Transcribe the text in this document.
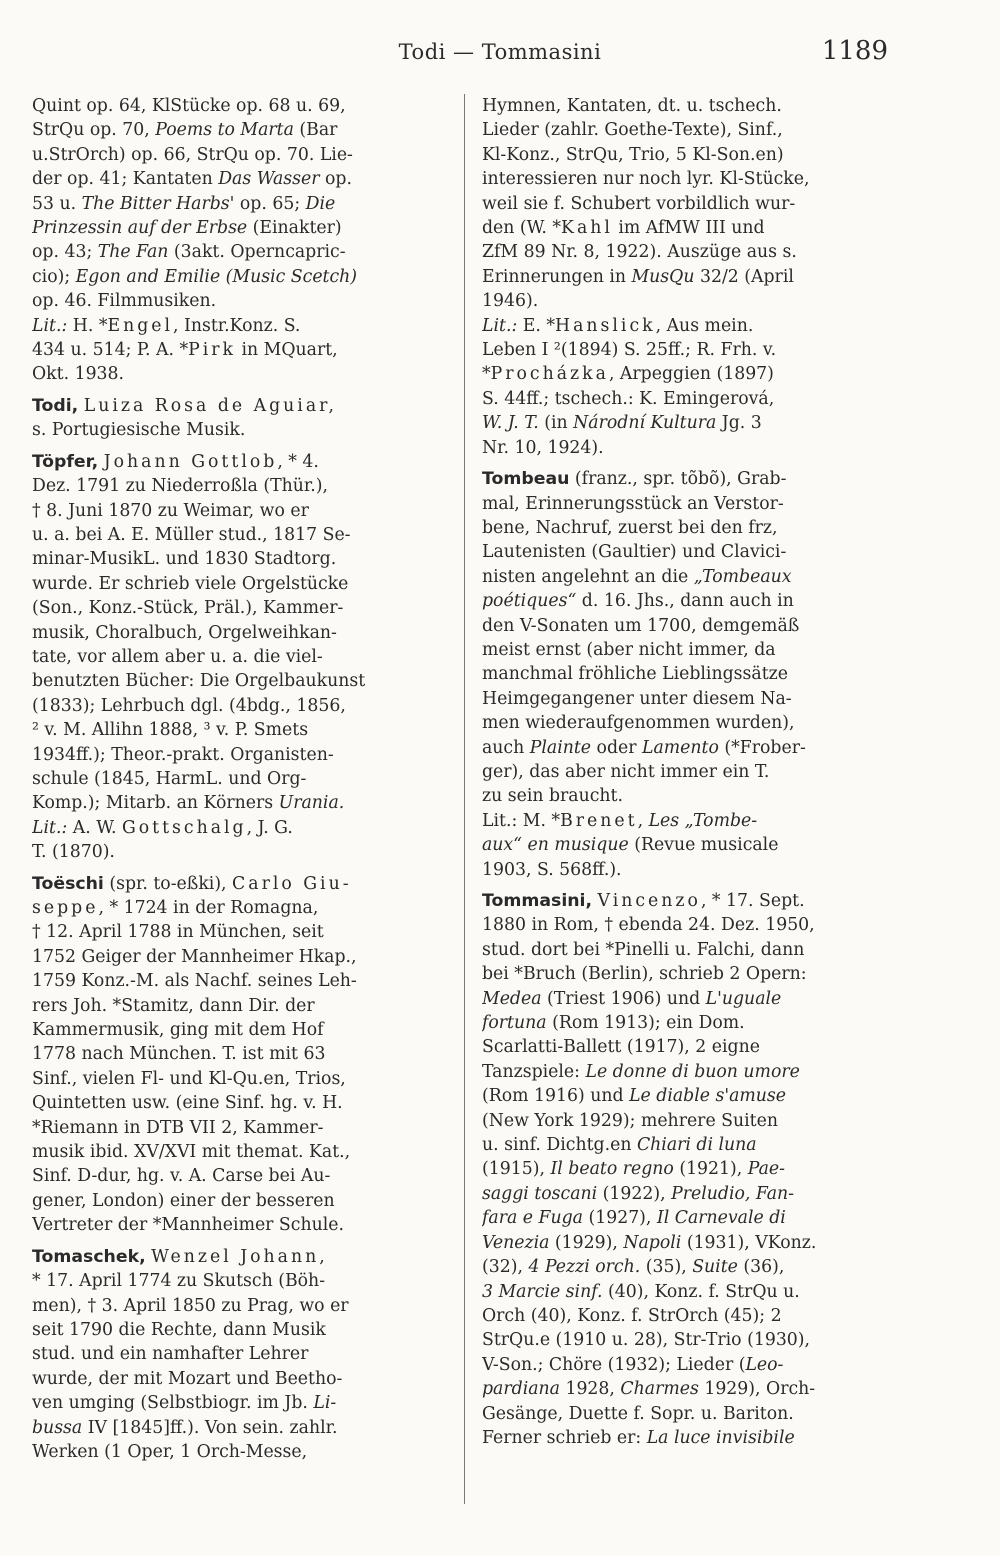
Todi — Tommasini	1189
Quint op. 64, KlStücke op. 68 u. 69,
StrQu op. 70, Poems to Marta (Bar
u.StrOrch) op. 66, StrQu op. 70. Lie-
der op. 41; Kantaten Das Wasser op.
53 u. The Bitter Harbs' op. 65; Die
Prinzessin auf der Erbse (Einakter)
op. 43; The Fan (3akt. Operncapric-
cio); Egon and Emilie (Music Scetch)
op. 46. Filmmusiken.
Lit.: H. *Engel, Instr.Konz. S.
434 u. 514; P. A. *Pirk in MQuart,
Okt. 1938.
Todi, Luiza Rosa de Aguiar,
s. Portugiesische Musik.
Töpfer, Johann Gottlob, * 4.
Dez. 1791 zu Niederroßla (Thür.),
† 8. Juni 1870 zu Weimar, wo er
u. a. bei A. E. Müller stud., 1817 Se-
minar-MusikL. und 1830 Stadtorg.
wurde. Er schrieb viele Orgelstücke
(Son., Konz.-Stück, Präl.), Kammer-
musik, Choralbuch, Orgelweihkan-
tate, vor allem aber u. a. die viel-
benutzten Bücher: Die Orgelbaukunst
(1833); Lehrbuch dgl. (4bdg., 1856,
² v. M. Allihn 1888, ³ v. P. Smets
1934ff.); Theor.-prakt. Organisten-
schule (1845, HarmL. und Org-
Komp.); Mitarb. an Körners Urania.
Lit.: A. W. Gottschalg, J. G.
T. (1870).
Toëschi (spr. to-eßki), Carlo Giu-
seppe, * 1724 in der Romagna,
† 12. April 1788 in München, seit
1752 Geiger der Mannheimer Hkap.,
1759 Konz.-M. als Nachf. seines Leh-
rers Joh. *Stamitz, dann Dir. der
Kammermusik, ging mit dem Hof
1778 nach München. T. ist mit 63
Sinf., vielen Fl- und Kl-Qu.en, Trios,
Quintetten usw. (eine Sinf. hg. v. H.
*Riemann in DTB VII 2, Kammer-
musik ibid. XV/XVI mit themat. Kat.,
Sinf. D-dur, hg. v. A. Carse bei Au-
gener, London) einer der besseren
Vertreter der *Mannheimer Schule.
Tomaschek, Wenzel Johann,
* 17. April 1774 zu Skutsch (Böh-
men), † 3. April 1850 zu Prag, wo er
seit 1790 die Rechte, dann Musik
stud. und ein namhafter Lehrer
wurde, der mit Mozart und Beetho-
ven umging (Selbstbiogr. im Jb. Li-
bussa IV [1845]ff.). Von sein. zahlr.
Werken (1 Oper, 1 Orch-Messe,
Hymnen, Kantaten, dt. u. tschech.
Lieder (zahlr. Goethe-Texte), Sinf.,
Kl-Konz., StrQu, Trio, 5 Kl-Son.en)
interessieren nur noch lyr. Kl-Stücke,
weil sie f. Schubert vorbildlich wur-
den (W. *Kahl im AfMW III und
ZfM 89 Nr. 8, 1922). Auszüge aus s.
Erinnerungen in MusQu 32/2 (April
1946).
Lit.: E. *Hanslick, Aus mein.
Leben I ²(1894) S. 25ff.; R. Frh. v.
*Procházka, Arpeggien (1897)
S. 44ff.; tschech.: K. Emingerová,
W. J. T. (in Národní Kultura Jg. 3
Nr. 10, 1924).
Tombeau (franz., spr. tõbõ), Grab-
mal, Erinnerungsstück an Verstor-
bene, Nachruf, zuerst bei den frz,
Lautenisten (Gaultier) und Clavici-
nisten angelehnt an die „Tombeaux
poétiques“ d. 16. Jhs., dann auch in
den V-Sonaten um 1700, demgemäß
meist ernst (aber nicht immer, da
manchmal fröhliche Lieblingssätze
Heimgegangener unter diesem Na-
men wiederaufgenommen wurden),
auch Plainte oder Lamento (*Frober-
ger), das aber nicht immer ein T.
zu sein braucht.
Lit.: M. *Brenet, Les „Tombe-
aux“ en musique (Revue musicale
1903, S. 568ff.).
Tommasini, Vincenzo, * 17. Sept.
1880 in Rom, † ebenda 24. Dez. 1950,
stud. dort bei *Pinelli u. Falchi, dann
bei *Bruch (Berlin), schrieb 2 Opern:
Medea (Triest 1906) und L'uguale
fortuna (Rom 1913); ein Dom.
Scarlatti-Ballett (1917), 2 eigne
Tanzspiele: Le donne di buon umore
(Rom 1916) und Le diable s'amuse
(New York 1929); mehrere Suiten
u. sinf. Dichtg.en Chiari di luna
(1915), Il beato regno (1921), Pae-
saggi toscani (1922), Preludio, Fan-
fara e Fuga (1927), Il Carnevale di
Venezia (1929), Napoli (1931), VKonz.
(32), 4 Pezzi orch. (35), Suite (36),
3 Marcie sinf. (40), Konz. f. StrQu u.
Orch (40), Konz. f. StrOrch (45); 2
StrQu.e (1910 u. 28), Str-Trio (1930),
V-Son.; Chöre (1932); Lieder (Leo-
pardiana 1928, Charmes 1929), Orch-
Gesänge, Duette f. Sopr. u. Bariton.
Ferner schrieb er: La luce invisibile
